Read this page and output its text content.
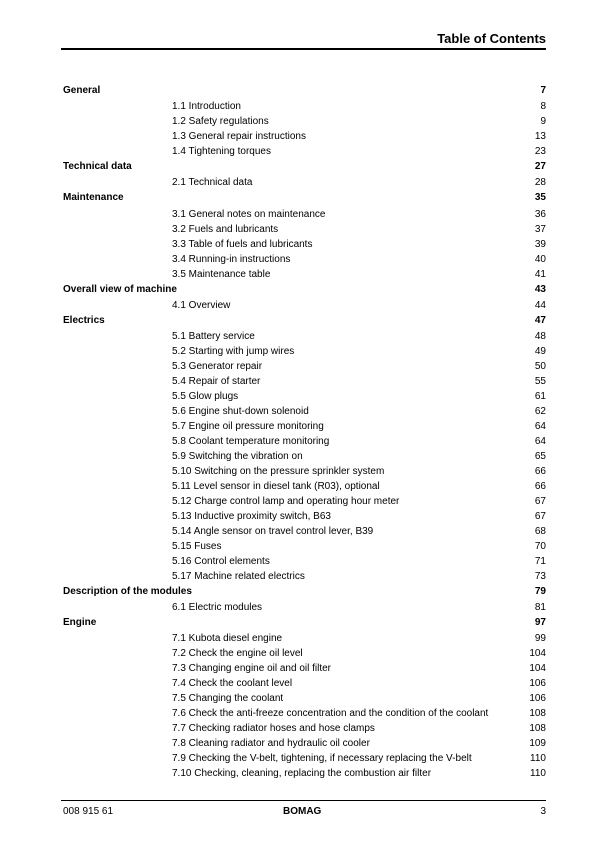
Table of Contents
General	7
1.1 Introduction	8
1.2 Safety regulations	9
1.3 General repair instructions	13
1.4 Tightening torques	23
Technical data	27
2.1 Technical data	28
Maintenance	35
3.1 General notes on maintenance	36
3.2 Fuels and lubricants	37
3.3 Table of fuels and lubricants	39
3.4 Running-in instructions	40
3.5 Maintenance table	41
Overall view of machine	43
4.1 Overview	44
Electrics	47
5.1 Battery service	48
5.2 Starting with jump wires	49
5.3 Generator repair	50
5.4 Repair of starter	55
5.5 Glow plugs	61
5.6 Engine shut-down solenoid	62
5.7 Engine oil pressure monitoring	64
5.8 Coolant temperature monitoring	64
5.9 Switching the vibration on	65
5.10 Switching on the pressure sprinkler system	66
5.11 Level sensor in diesel tank (R03), optional	66
5.12 Charge control lamp and operating hour meter	67
5.13 Inductive proximity switch, B63	67
5.14 Angle sensor on travel control lever, B39	68
5.15 Fuses	70
5.16 Control elements	71
5.17 Machine related electrics	73
Description of the modules	79
6.1 Electric modules	81
Engine	97
7.1 Kubota diesel engine	99
7.2 Check the engine oil level	104
7.3 Changing engine oil and oil filter	104
7.4 Check the coolant level	106
7.5 Changing the coolant	106
7.6 Check the anti-freeze concentration and the condition of the coolant	108
7.7 Checking radiator hoses and hose clamps	108
7.8 Cleaning radiator and hydraulic oil cooler	109
7.9 Checking the V-belt, tightening, if necessary replacing the V-belt	110
7.10 Checking, cleaning, replacing the combustion air filter	110
008 915 61	BOMAG	3
